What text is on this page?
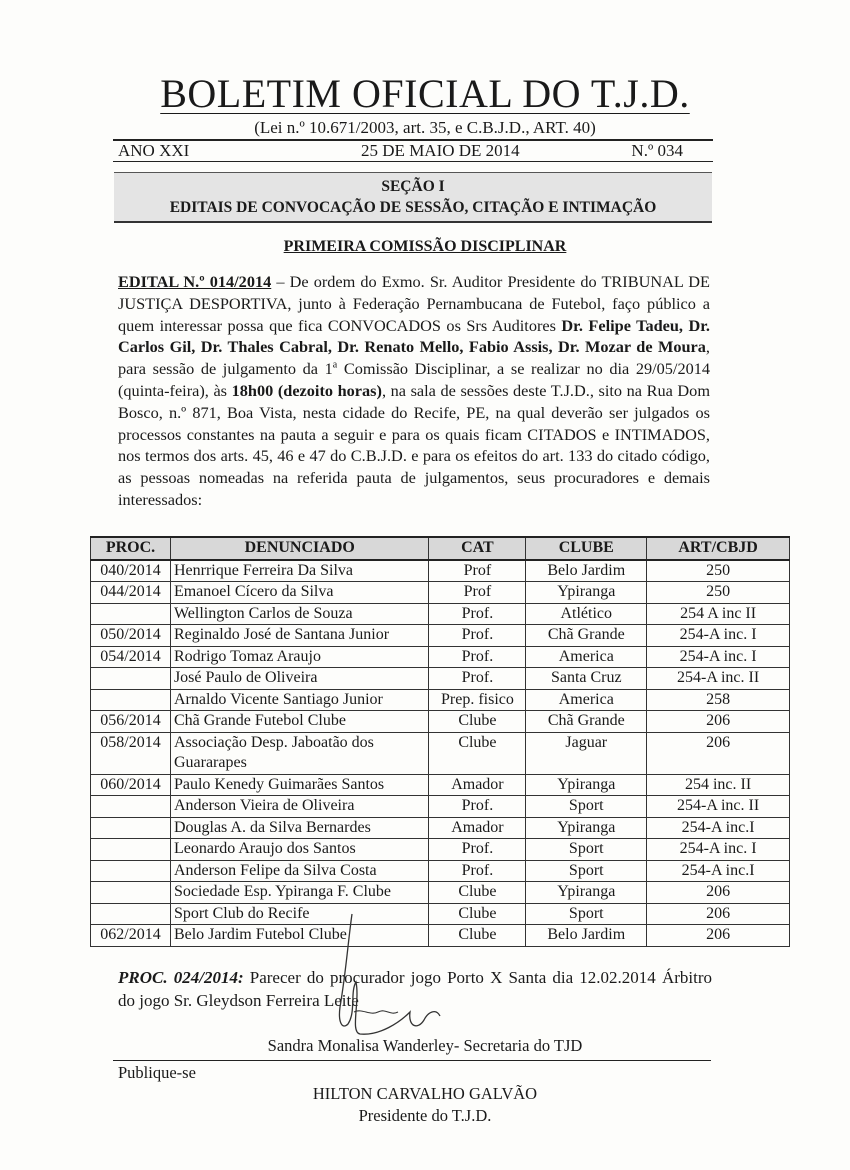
BOLETIM OFICIAL DO T.J.D.
(Lei n.º 10.671/2003, art. 35, e C.B.J.D., ART. 40)
ANO XXI	25 DE MAIO DE 2014	N.º 034
SEÇÃO I
EDITAIS DE CONVOCAÇÃO DE SESSÃO, CITAÇÃO E INTIMAÇÃO
PRIMEIRA COMISSÃO DISCIPLINAR
EDITAL N.º 014/2014 – De ordem do Exmo. Sr. Auditor Presidente do TRIBUNAL DE JUSTIÇA DESPORTIVA, junto à Federação Pernambucana de Futebol, faço público a quem interessar possa que fica CONVOCADOS os Srs Auditores Dr. Felipe Tadeu, Dr. Carlos Gil, Dr. Thales Cabral, Dr. Renato Mello, Fabio Assis, Dr. Mozar de Moura, para sessão de julgamento da 1$^a$ Comissão Disciplinar, a se realizar no dia 29/05/2014 (quinta-feira), às 18h00 (dezoito horas), na sala de sessões deste T.J.D., sito na Rua Dom Bosco, n.º 871, Boa Vista, nesta cidade do Recife, PE, na qual deverão ser julgados os processos constantes na pauta a seguir e para os quais ficam CITADOS e INTIMADOS, nos termos dos arts. 45, 46 e 47 do C.B.J.D. e para os efeitos do art. 133 do citado código, as pessoas nomeadas na referida pauta de julgamentos, seus procuradores e demais interessados:
PROC.	DENUNCIADO	CAT	CLUBE	ART/CBJD
040/2014	Henrrique Ferreira Da Silva	Prof	Belo Jardim	250
044/2014	Emanoel Cícero da Silva	Prof	Ypiranga	250
	Wellington Carlos de Souza	Prof.	Atlético	254 A inc II
050/2014	Reginaldo José de Santana Junior	Prof.	Chã Grande	254-A inc. I
054/2014	Rodrigo Tomaz Araujo	Prof.	America	254-A inc. I
	José Paulo de Oliveira	Prof.	Santa Cruz	254-A inc. II
	Arnaldo Vicente Santiago Junior	Prep. fisico	America	258
056/2014	Chã Grande Futebol Clube	Clube	Chã Grande	206
058/2014	Associação Desp. Jaboatão dos Guararapes	Clube	Jaguar	206
060/2014	Paulo Kenedy Guimarães Santos	Amador	Ypiranga	254 inc. II
	Anderson Vieira de Oliveira	Prof.	Sport	254-A inc. II
	Douglas A. da Silva Bernardes	Amador	Ypiranga	254-A inc.I
	Leonardo Araujo dos Santos	Prof.	Sport	254-A inc. I
	Anderson Felipe da Silva Costa	Prof.	Sport	254-A inc.I
	Sociedade Esp. Ypiranga F. Clube	Clube	Ypiranga	206
	Sport Club do Recife	Clube	Sport	206
062/2014	Belo Jardim Futebol Clube	Clube	Belo Jardim	206
PROC. 024/2014: Parecer do procurador jogo Porto X Santa dia 12.02.2014 Árbitro do jogo Sr. Gleydson Ferreira Leite
Sandra Monalisa Wanderley- Secretaria do TJD
Publique-se
HILTON CARVALHO GALVÃO
Presidente do T.J.D.
